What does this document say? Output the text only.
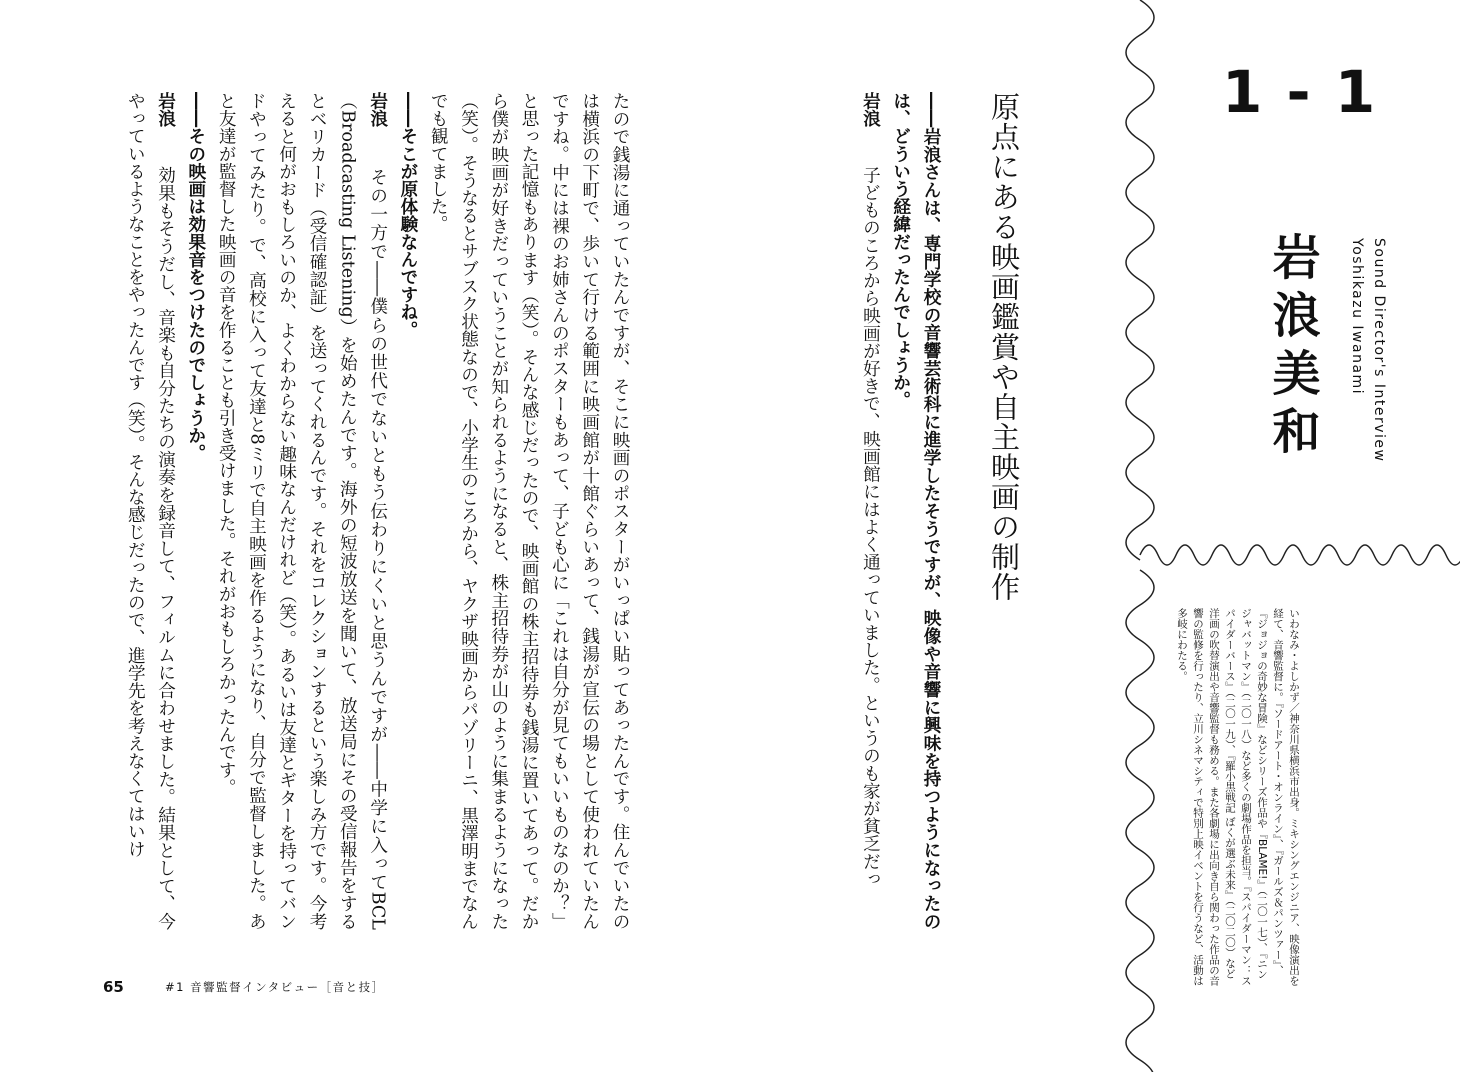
1 - 1
岩浪美和	Sound Director's Interview
Yoshikazu Iwanami
いわなみ・よしかず／神奈川県横浜市出身。ミキシングエンジニア、映像演出を経て、音響監督に。『ソードアート・オンライン』、『ガールズ＆パンツァー』、『ジョジョの奇妙な冒険』などシリーズ作品や『BLAME!』（二〇一七）、『ニンジャバットマン』（二〇一八）など多くの劇場作品を担当。『スパイダーマン：スパイダーバース』（二〇一九）、『羅小黒戦記 ぼくが選ぶ未来』（二〇二〇）など洋画の吹替演出や音響監督も務める。また各劇場に出向き自ら関わった作品の音響の監修を行ったり、立川シネマシティで特別上映イベントを行うなど、活動は多岐にわたる。
原点にある映画鑑賞や自主映画の制作

――岩浪さんは、専門学校の音響芸術科に進学したそうですが、映像や音響に興味を持つようになったのは、どういう経緯だったんでしょうか。

岩浪　子どものころから映画が好きで、映画館にはよく通っていました。というのも家が貧乏だっ

たので銭湯に通っていたんですが、そこに映画のポスターがいっぱい貼ってあったんです。住んでいたのは横浜の下町で、歩いて行ける範囲に映画館が十館ぐらいあって、銭湯が宣伝の場として使われていたんですね。中には裸のお姉さんのポスターもあって、子ども心に「これは自分が見てもいいものなのか？」と思った記憶もあります（笑）。そんな感じだったので、映画館の株主招待券も銭湯に置いてあって。だから僕が映画が好きだっていうことが知られるようになると、株主招待券が山のように集まるようになった（笑）。そうなるとサブスク状態なので、小学生のころから、ヤクザ映画からパゾリーニ、黒澤明までなんでも観てました。

――そこが原体験なんですね。

岩浪　その一方で――僕らの世代でないともう伝わりにくいと思うんですが――中学に入ってBCL（Broadcasting Listening）を始めたんです。海外の短波放送を聞いて、放送局にその受信報告をするとベリカード（受信確認証）を送ってくれるんです。それをコレクションするという楽しみ方です。今考えると何がおもしろいのか、よくわからない趣味なんだけれど（笑）。あるいは友達とギターを持ってバンドやってみたり。で、高校に入って友達と8ミリで自主映画を作るようになり、自分で監督しました。あと友達が監督した映画の音を作ることも引き受けました。それがおもしろかったんです。

――その映画は効果音をつけたのでしょうか。

岩浪　効果もそうだし、音楽も自分たちの演奏を録音して、フィルムに合わせました。結果として、今やっているようなことをやったんです（笑）。そんな感じだったので、進学先を考えなくてはいけ

65	#1 音響監督インタビュー［音と技］
